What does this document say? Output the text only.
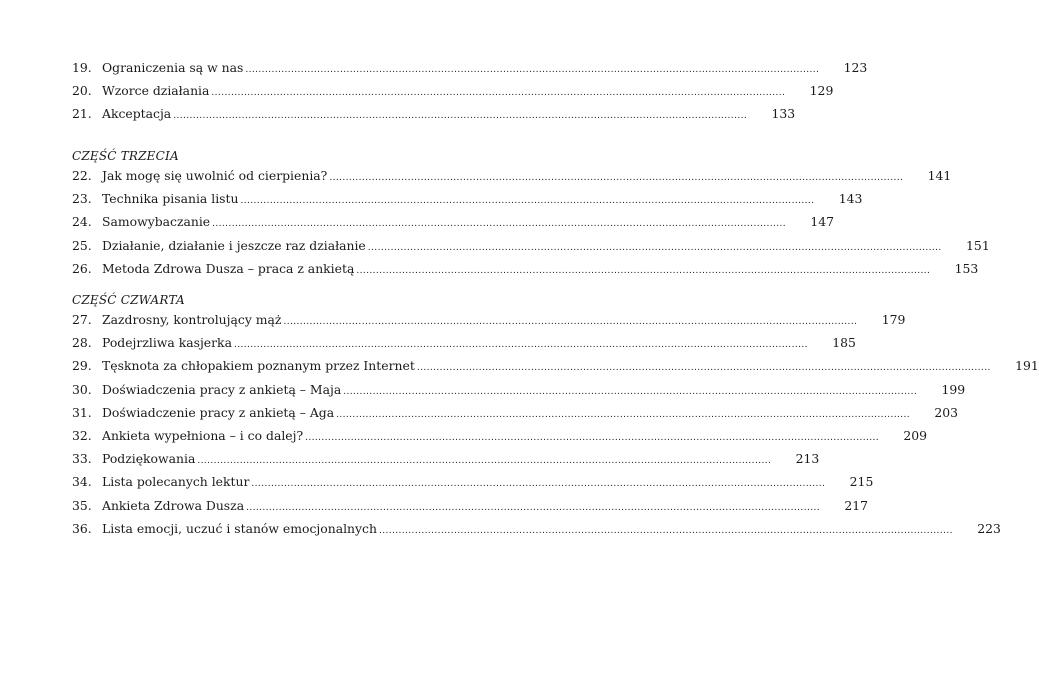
19. Ograniczenia są w nas .....	123
20. Wzorce działania .....	129
21. Akceptacja .....	133
CZĘŚĆ TRZECIA
22. Jak mogę się uwolnić od cierpienia? .....	141
23. Technika pisania listu .....	143
24. Samowybaczanie .....	147
25. Działanie, działanie i jeszcze raz działanie .....	151
26. Metoda Zdrowa Dusza – praca z ankietą .....	153
CZĘŚĆ CZWARTA
27. Zazdrosny, kontrolujący mąż .....	179
28. Podejrzliwa kasjerka .....	185
29. Tęsknota za chłopakiem poznanym przez Internet .....	191
30. Doświadczenia pracy z ankietą – Maja .....	199
31. Doświadczenie pracy z ankietą – Aga .....	203
32. Ankieta wypełniona – i co dalej? .....	209
33. Podziękowania .....	213
34. Lista polecanych lektur .....	215
35. Ankieta Zdrowa Dusza .....	217
36. Lista emocji, uczuć i stanów emocjonalnych .....	223
